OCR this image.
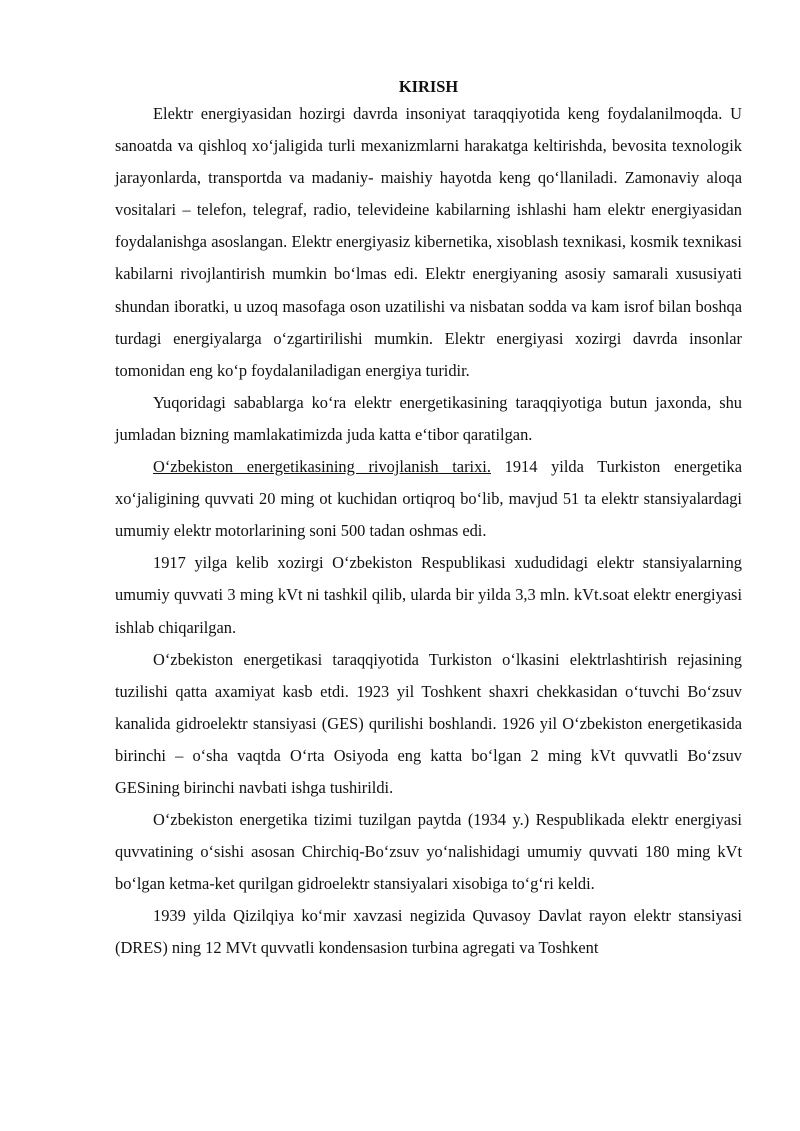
KIRISH

Elektr energiyasidan hozirgi davrda insoniyat taraqqiyotida keng foydalanilmoqda. U sanoatda va qishloq xo‘jaligida turli mexanizmlarni harakatga keltirishda, bevosita texnologik jarayonlarda, transportda va madaniy- maishiy hayotda keng qo‘llaniladi. Zamonaviy aloqa vositalari – telefon, telegraf, radio, televideine kabilarning ishlashi ham elektr energiyasidan foydalanishga asoslangan. Elektr energiyasiz kibernetika, xisoblash texnikasi, kosmik texnikasi kabilarni rivojlantirish mumkin bo‘lmas edi. Elektr energiyaning asosiy samarali xususiyati shundan iboratki, u uzoq masofaga oson uzatilishi va nisbatan sodda va kam isrof bilan boshqa turdagi energiyalarga o‘zgartirilishi mumkin. Elektr energiyasi xozirgi davrda insonlar tomonidan eng ko‘p foydalaniladigan energiya turidir.

Yuqoridagi sabablarga ko‘ra elektr energetikasining taraqqiyotiga butun jaxonda, shu jumladan bizning mamlakatimizda juda katta e‘tibor qaratilgan.

O‘zbekiston energetikasining rivojlanish tarixi. 1914 yilda Turkiston energetika xo‘jaligining quvvati 20 ming ot kuchidan ortiqroq bo‘lib, mavjud 51 ta elektr stansiyalardagi umumiy elektr motorlarining soni 500 tadan oshmas edi.

1917 yilga kelib xozirgi O‘zbekiston Respublikasi xududidagi elektr stansiyalarning umumiy quvvati 3 ming kVt ni tashkil qilib, ularda bir yilda 3,3 mln. kVt.soat elektr energiyasi ishlab chiqarilgan.

O‘zbekiston energetikasi taraqqiyotida Turkiston o‘lkasini elektrlashtirish rejasining tuzilishi qatta axamiyat kasb etdi. 1923 yil Toshkent shaxri chekkasidan o‘tuvchi Bo‘zsuv kanalida gidroelektr stansiyasi (GES) qurilishi boshlandi. 1926 yil O‘zbekiston energetikasida birinchi – o‘sha vaqtda O‘rta Osiyoda eng katta bo‘lgan 2 ming kVt quvvatli Bo‘zsuv GESining birinchi navbati ishga tushirildi.

O‘zbekiston energetika tizimi tuzilgan paytda (1934 y.) Respublikada elektr energiyasi quvvatining o‘sishi asosan Chirchiq-Bo‘zsuv yo‘nalishidagi umumiy quvvati 180 ming kVt bo‘lgan ketma-ket qurilgan gidroelektr stansiyalari xisobiga to‘g‘ri keldi.

1939 yilda Qizilqiya ko‘mir xavzasi negizida Quvasoy Davlat rayon elektr stansiyasi (DRES) ning 12 MVt quvvatli kondensasion turbina agregati va Toshkent
